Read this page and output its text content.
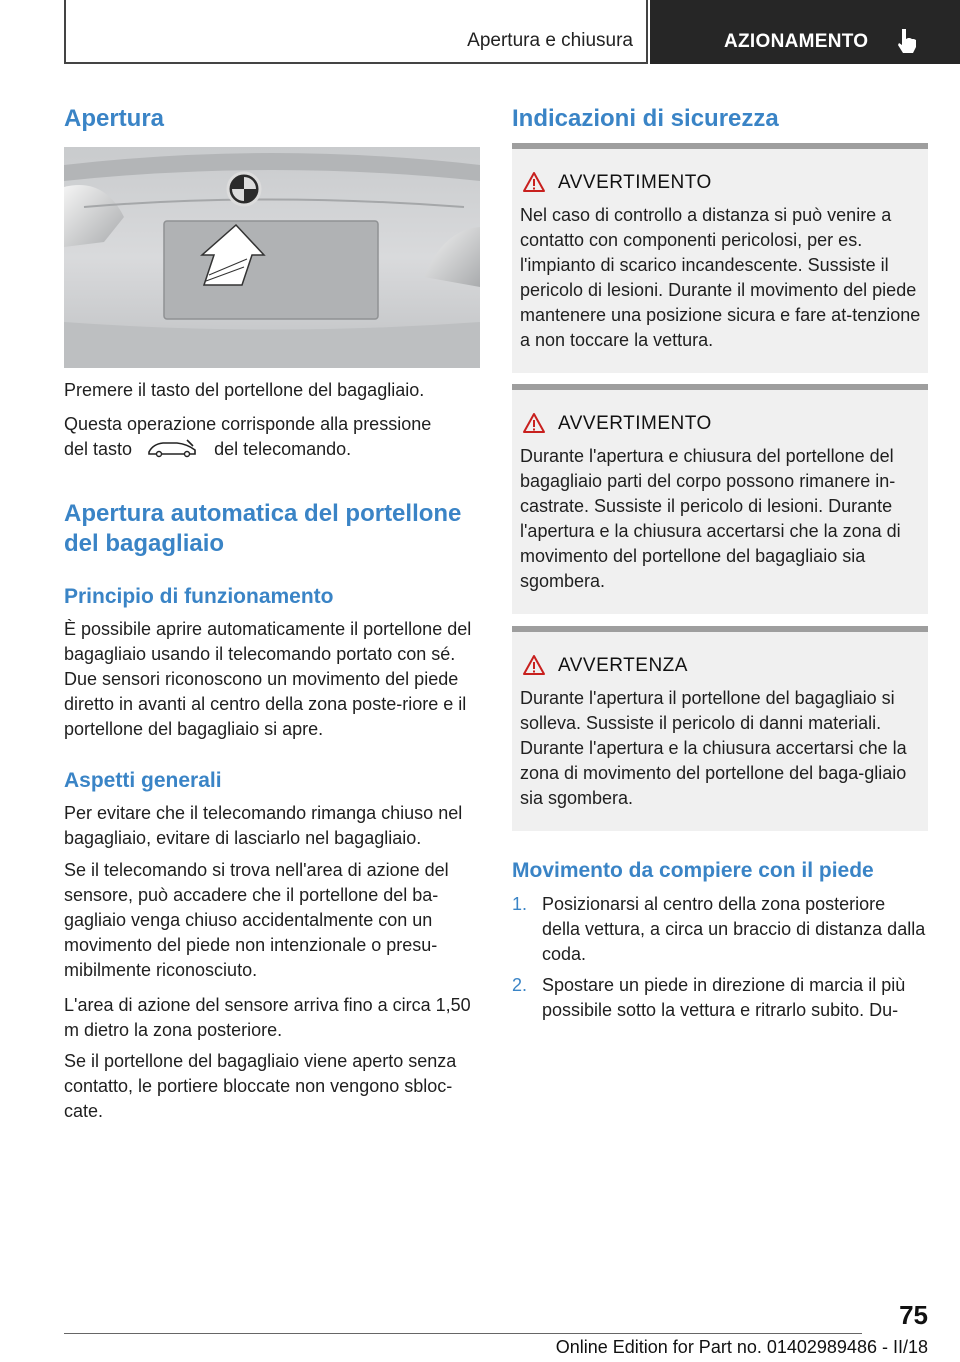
Apertura e chiusura	AZIONAMENTO
Apertura

Premere il tasto del portellone del bagagliaio.

Questa operazione corrisponde alla pressione

del tasto	del telecomando.
Apertura automatica del portellone del bagagliaio
Principio di funzionamento

È possibile aprire automaticamente il portellone del bagagliaio usando il telecomando portato con sé. Due sensori riconoscono un movimento del piede diretto in avanti al centro della zona poste-riore e il portellone del bagagliaio si apre.

Aspetti generali

Per evitare che il telecomando rimanga chiuso nel bagagliaio, evitare di lasciarlo nel bagagliaio.

Se il telecomando si trova nell'area di azione del sensore, può accadere che il portellone del ba-gagliaio venga chiuso accidentalmente con un movimento del piede non intenzionale o presu-mibilmente riconosciuto.

L'area di azione del sensore arriva fino a circa 1,50 m dietro la zona posteriore.

Se il portellone del bagagliaio viene aperto senza contatto, le portiere bloccate non vengono sbloc-cate.

Indicazioni di sicurezza
AVVERTIMENTO
Nel caso di controllo a distanza si può venire a contatto con componenti pericolosi, per es. l'impianto di scarico incandescente. Sussiste il pericolo di lesioni. Durante il movimento del piede mantenere una posizione sicura e fare at-tenzione a non toccare la vettura.
AVVERTIMENTO
Durante l'apertura e chiusura del portellone del bagagliaio parti del corpo possono rimanere in-castrate. Sussiste il pericolo di lesioni. Durante l'apertura e la chiusura accertarsi che la zona di movimento del portellone del bagagliaio sia sgombera.
AVVERTENZA
Durante l'apertura il portellone del bagagliaio si solleva. Sussiste il pericolo di danni materiali. Durante l'apertura e la chiusura accertarsi che la zona di movimento del portellone del baga-gliaio sia sgombera.
Movimento da compiere con il piede
1. Posizionarsi al centro della zona posteriore della vettura, a circa un braccio di distanza dalla coda.
2. Spostare un piede in direzione di marcia il più possibile sotto la vettura e ritrarlo subito. Du-
75
Online Edition for Part no. 01402989486 - II/18
